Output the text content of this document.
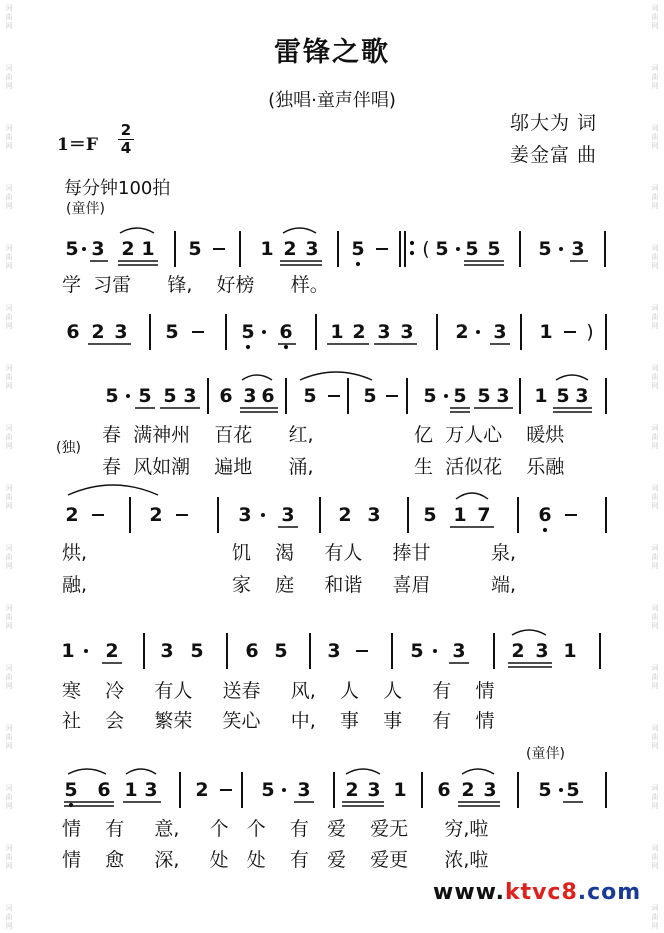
词
曲
网
词
曲
网
词
曲
网
词
曲
网
词
曲
网
词
曲
网
词
曲
网
词
曲
网
词
曲
网
词
曲
网
词
曲
网
词
曲
网
词
曲
网
词
曲
网
词
曲
网
词
曲
网
词
曲
网
词
曲
网
词
曲
网
词
曲
网
词
曲
网
词
曲
网
词
曲
网
词
曲
网
词
曲
网
词
曲
网
词
曲
网
词
曲
网
词
曲
网
词
曲
网
词
曲
网
词
曲
网
雷锋之歌
(独唱·童声伴唱)
邬大为 词
姜金富 曲
1＝F
2
4
每分钟100拍
(童伴)
(独)
(童伴)
5 3 2 1 5	1 2 3 5	( 5 5 5 5 3
6 2 3 5	5 6 1 2 3 3 2 3 1 )
5 5 5 3 6 3 6 5 5 5 5 5 3 1 5 3
2	2	3 3 2 3 5 1 7	6
1 2 3 5 6 5 3	5 3 2 3 1
5 6 1 3 2	5 3 2 3 1 6 2 3 5 5
学  习雷      锋,    好榜      样。
春  满神州    百花      红,	亿  万人心    暖烘
春  风如潮    遍地      涌,	生  活似花    乐融
烘,	饥    渴     有人     捧甘          泉,
融,	家    庭     和谐     喜眉          端,
寒    冷     有人     送春     风,    人    人     有    情
社    会     繁荣     笑心     中,    事    事     有    情
情    有     意,     个   个    有   爱    爱无      穷,啦
情    愈     深,     处   处    有   爱    爱更      浓,啦
www.ktvc8.com
